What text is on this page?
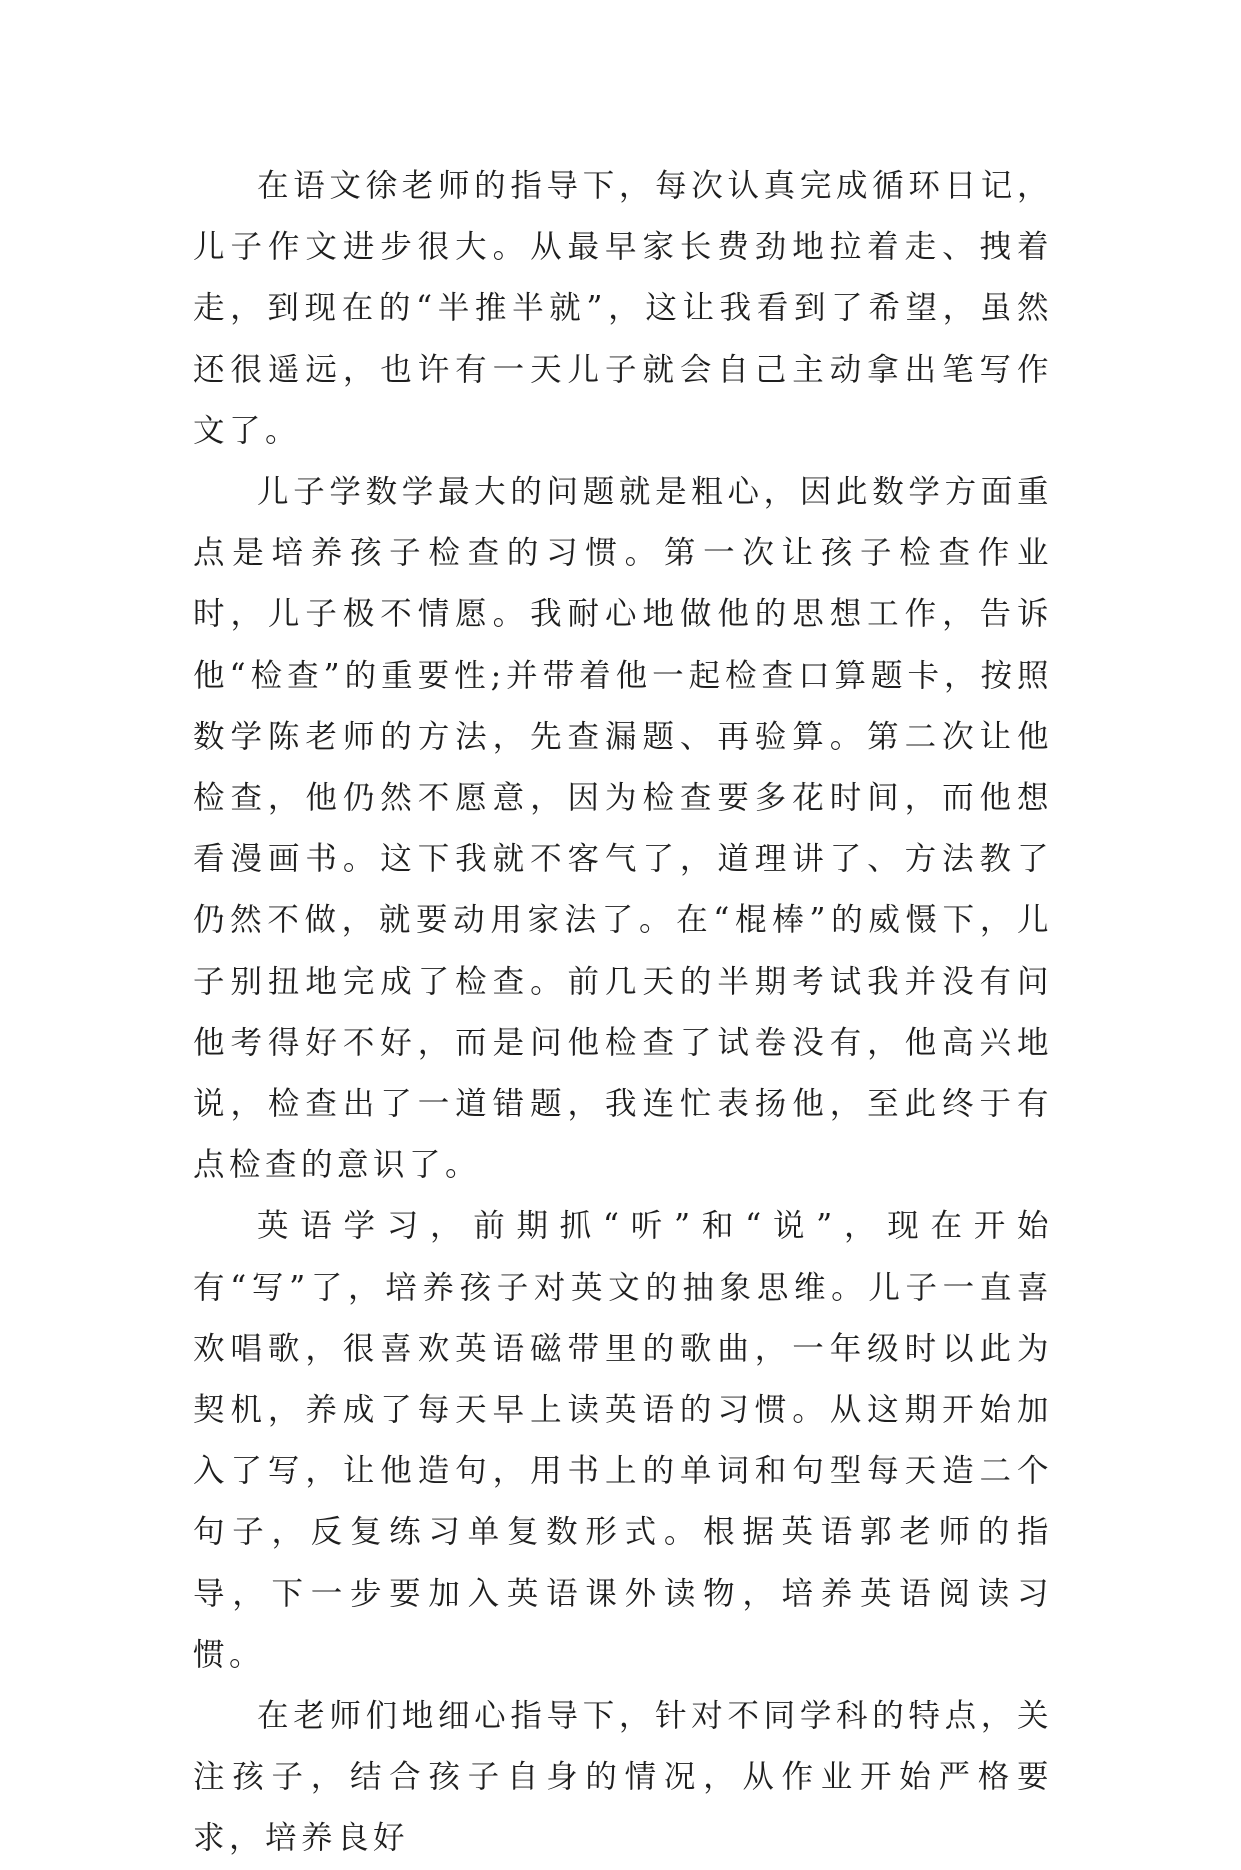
在语文徐老师的指导下，每次认真完成循环日记，儿子作文进步很大。从最早家长费劲地拉着走、拽着走，到现在的“半推半就”，这让我看到了希望，虽然还很遥远，也许有一天儿子就会自己主动拿出笔写作文了。

儿子学数学最大的问题就是粗心，因此数学方面重点是培养孩子检查的习惯。第一次让孩子检查作业时，儿子极不情愿。我耐心地做他的思想工作，告诉他“检查”的重要性;并带着他一起检查口算题卡，按照数学陈老师的方法，先查漏题、再验算。第二次让他检查，他仍然不愿意，因为检查要多花时间，而他想看漫画书。这下我就不客气了，道理讲了、方法教了仍然不做，就要动用家法了。在“棍棒”的威慑下，儿子别扭地完成了检查。前几天的半期考试我并没有问他考得好不好，而是问他检查了试卷没有，他高兴地说，检查出了一道错题，我连忙表扬他，至此终于有点检查的意识了。

英语学习，前期抓“听”和“说”，现在开始有“写”了，培养孩子对英文的抽象思维。儿子一直喜欢唱歌，很喜欢英语磁带里的歌曲，一年级时以此为契机，养成了每天早上读英语的习惯。从这期开始加入了写，让他造句，用书上的单词和句型每天造二个句子，反复练习单复数形式。根据英语郭老师的指导，下一步要加入英语课外读物，培养英语阅读习惯。

在老师们地细心指导下，针对不同学科的特点，关注孩子，结合孩子自身的情况，从作业开始严格要求，培养良好
